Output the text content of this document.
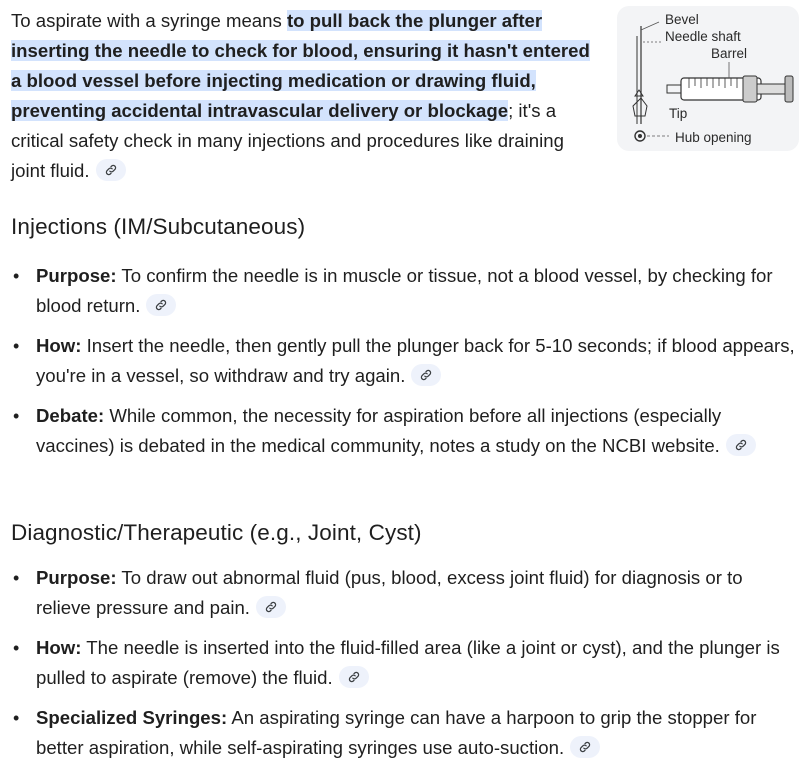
To aspirate with a syringe means to pull back the plunger after inserting the needle to check for blood, ensuring it hasn't entered a blood vessel before injecting medication or drawing fluid, preventing accidental intravascular delivery or blockage; it's a critical safety check in many injections and procedures like draining joint fluid.

Bevel
Needle shaft
Barrel
Tip
Hub opening
Injections (IM/Subcutaneous)
• Purpose: To confirm the needle is in muscle or tissue, not a blood vessel, by checking for blood return.
• How: Insert the needle, then gently pull the plunger back for 5-10 seconds; if blood appears, you're in a vessel, so withdraw and try again.
• Debate: While common, the necessity for aspiration before all injections (especially vaccines) is debated in the medical community, notes a study on the NCBI website.
Diagnostic/Therapeutic (e.g., Joint, Cyst)
• Purpose: To draw out abnormal fluid (pus, blood, excess joint fluid) for diagnosis or to relieve pressure and pain.
• How: The needle is inserted into the fluid-filled area (like a joint or cyst), and the plunger is pulled to aspirate (remove) the fluid.
• Specialized Syringes: An aspirating syringe can have a harpoon to grip the stopper for better aspiration, while self-aspirating syringes use auto-suction.
